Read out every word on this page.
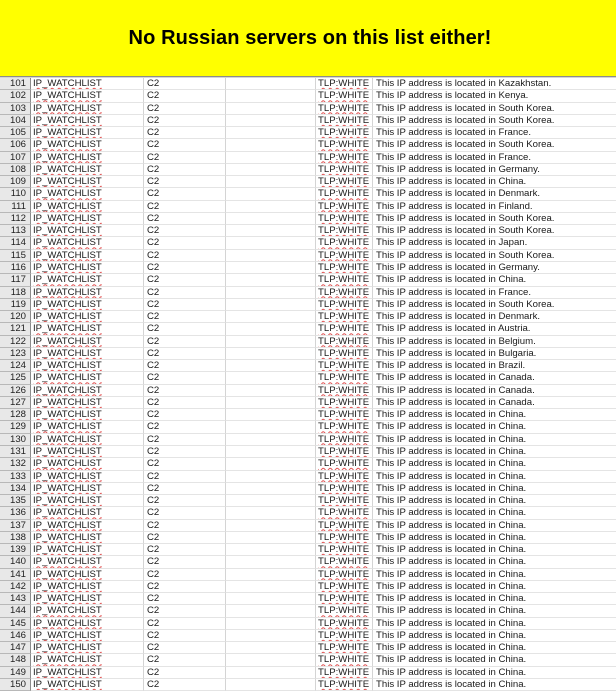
No Russian servers on this list either!
101 IP_WATCHLIST	C2	TLP:WHITE This IP address is located in Kazakhstan.
102 IP_WATCHLIST	C2	TLP:WHITE This IP address is located in Kenya.
103 IP_WATCHLIST	C2	TLP:WHITE This IP address is located in South Korea.
104 IP_WATCHLIST	C2	TLP:WHITE This IP address is located in South Korea.
105 IP_WATCHLIST	C2	TLP:WHITE This IP address is located in France.
106 IP_WATCHLIST	C2	TLP:WHITE This IP address is located in South Korea.
107 IP_WATCHLIST	C2	TLP:WHITE This IP address is located in France.
108 IP_WATCHLIST	C2	TLP:WHITE This IP address is located in Germany.
109 IP_WATCHLIST	C2	TLP:WHITE This IP address is located in China.
110 IP_WATCHLIST	C2	TLP:WHITE This IP address is located in Denmark.
111 IP_WATCHLIST	C2	TLP:WHITE This IP address is located in Finland.
112 IP_WATCHLIST	C2	TLP:WHITE This IP address is located in South Korea.
113 IP_WATCHLIST	C2	TLP:WHITE This IP address is located in South Korea.
114 IP_WATCHLIST	C2	TLP:WHITE This IP address is located in Japan.
115 IP_WATCHLIST	C2	TLP:WHITE This IP address is located in South Korea.
116 IP_WATCHLIST	C2	TLP:WHITE This IP address is located in Germany.
117 IP_WATCHLIST	C2	TLP:WHITE This IP address is located in China.
118 IP_WATCHLIST	C2	TLP:WHITE This IP address is located in France.
119 IP_WATCHLIST	C2	TLP:WHITE This IP address is located in South Korea.
120 IP_WATCHLIST	C2	TLP:WHITE This IP address is located in Denmark.
121 IP_WATCHLIST	C2	TLP:WHITE This IP address is located in Austria.
122 IP_WATCHLIST	C2	TLP:WHITE This IP address is located in Belgium.
123 IP_WATCHLIST	C2	TLP:WHITE This IP address is located in Bulgaria.
124 IP_WATCHLIST	C2	TLP:WHITE This IP address is located in Brazil.
125 IP_WATCHLIST	C2	TLP:WHITE This IP address is located in Canada.
126 IP_WATCHLIST	C2	TLP:WHITE This IP address is located in Canada.
127 IP_WATCHLIST	C2	TLP:WHITE This IP address is located in Canada.
128 IP_WATCHLIST	C2	TLP:WHITE This IP address is located in China.
129 IP_WATCHLIST	C2	TLP:WHITE This IP address is located in China.
130 IP_WATCHLIST	C2	TLP:WHITE This IP address is located in China.
131 IP_WATCHLIST	C2	TLP:WHITE This IP address is located in China.
132 IP_WATCHLIST	C2	TLP:WHITE This IP address is located in China.
133 IP_WATCHLIST	C2	TLP:WHITE This IP address is located in China.
134 IP_WATCHLIST	C2	TLP:WHITE This IP address is located in China.
135 IP_WATCHLIST	C2	TLP:WHITE This IP address is located in China.
136 IP_WATCHLIST	C2	TLP:WHITE This IP address is located in China.
137 IP_WATCHLIST	C2	TLP:WHITE This IP address is located in China.
138 IP_WATCHLIST	C2	TLP:WHITE This IP address is located in China.
139 IP_WATCHLIST	C2	TLP:WHITE This IP address is located in China.
140 IP_WATCHLIST	C2	TLP:WHITE This IP address is located in China.
141 IP_WATCHLIST	C2	TLP:WHITE This IP address is located in China.
142 IP_WATCHLIST	C2	TLP:WHITE This IP address is located in China.
143 IP_WATCHLIST	C2	TLP:WHITE This IP address is located in China.
144 IP_WATCHLIST	C2	TLP:WHITE This IP address is located in China.
145 IP_WATCHLIST	C2	TLP:WHITE This IP address is located in China.
146 IP_WATCHLIST	C2	TLP:WHITE This IP address is located in China.
147 IP_WATCHLIST	C2	TLP:WHITE This IP address is located in China.
148 IP_WATCHLIST	C2	TLP:WHITE This IP address is located in China.
149 IP_WATCHLIST	C2	TLP:WHITE This IP address is located in China.
150 IP_WATCHLIST	C2	TLP:WHITE This IP address is located in China.
